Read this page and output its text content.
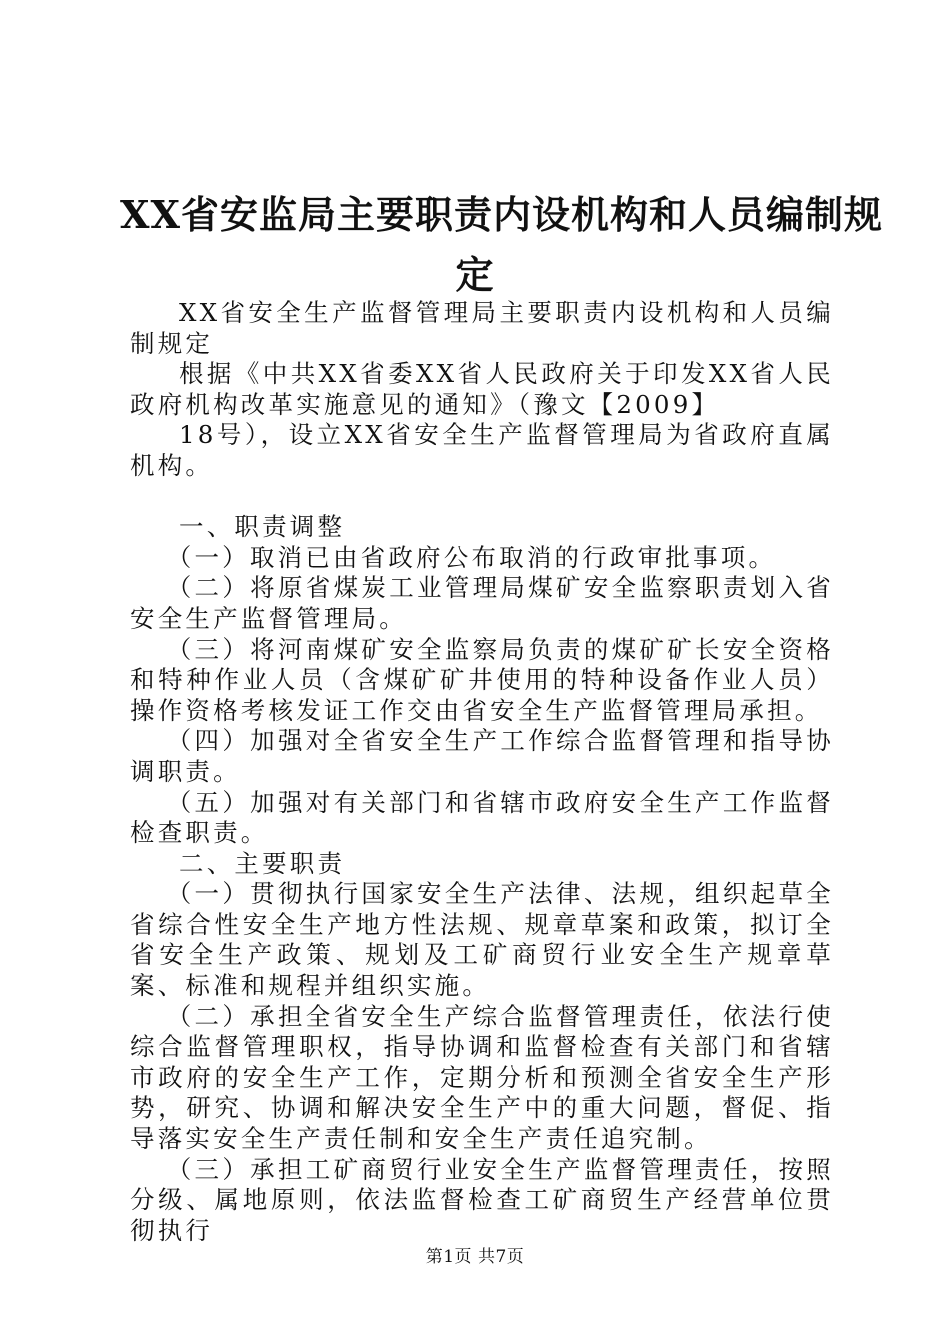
XX省安监局主要职责内设机构和人员编制规
定

XX省安全生产监督管理局主要职责内设机构和人员编制规定

根据《中共XX省委XX省人民政府关于印发XX省人民政府机构改革实施意见的通知》（豫文【2009】

18号），设立XX省安全生产监督管理局为省政府直属机构。

一、职责调整

（一）取消已由省政府公布取消的行政审批事项。

（二）将原省煤炭工业管理局煤矿安全监察职责划入省安全生产监督管理局。

（三）将河南煤矿安全监察局负责的煤矿矿长安全资格和特种作业人员（含煤矿矿井使用的特种设备作业人员）操作资格考核发证工作交由省安全生产监督管理局承担。

（四）加强对全省安全生产工作综合监督管理和指导协调职责。

（五）加强对有关部门和省辖市政府安全生产工作监督检查职责。

二、主要职责

（一）贯彻执行国家安全生产法律、法规，组织起草全省综合性安全生产地方性法规、规章草案和政策，拟订全省安全生产政策、规划及工矿商贸行业安全生产规章草案、标准和规程并组织实施。

（二）承担全省安全生产综合监督管理责任，依法行使综合监督管理职权，指导协调和监督检查有关部门和省辖市政府的安全生产工作，定期分析和预测全省安全生产形势，研究、协调和解决安全生产中的重大问题，督促、指导落实安全生产责任制和安全生产责任追究制。

（三）承担工矿商贸行业安全生产监督管理责任，按照分级、属地原则，依法监督检查工矿商贸生产经营单位贯彻执行

第1页 共7页
